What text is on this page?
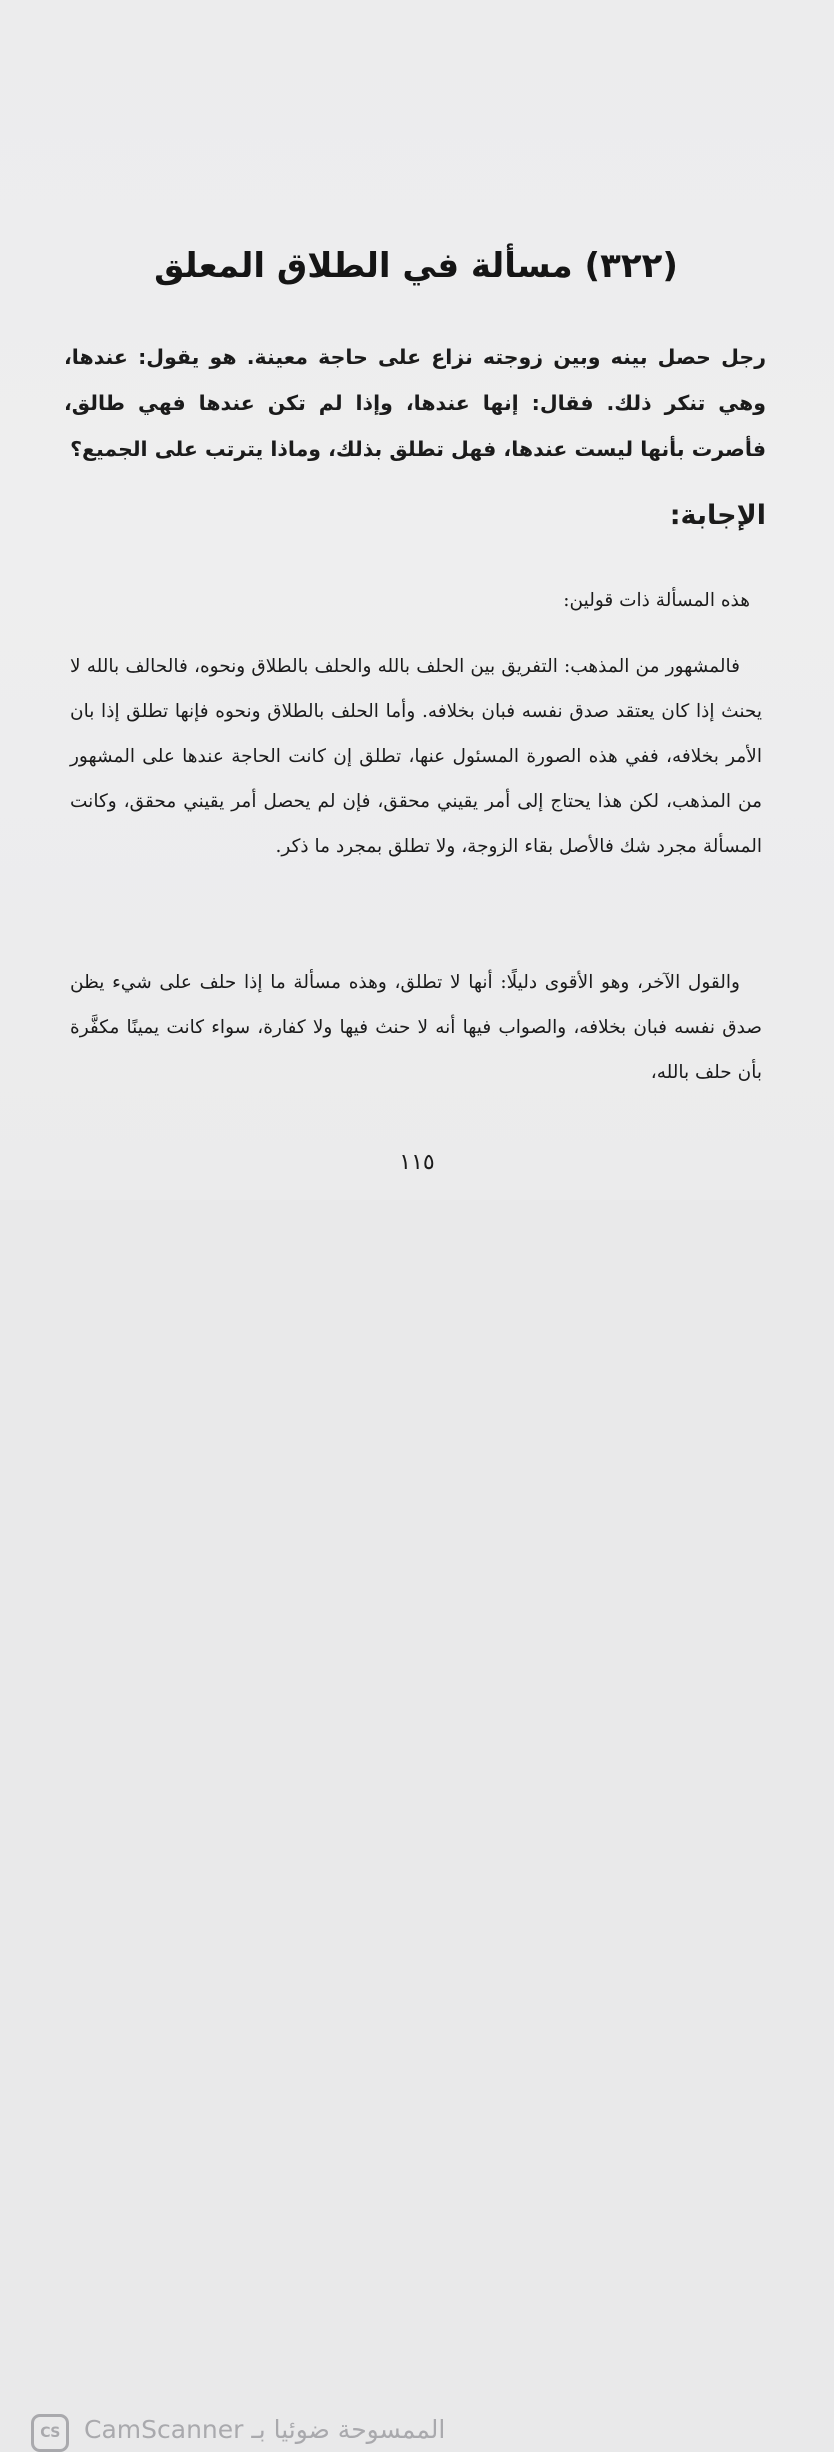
(٣٢٢) مسألة في الطلاق المعلق

رجل حصل بينه وبين زوجته نزاع على حاجة معينة. هو يقول: عندها، وهي تنكر ذلك. فقال: إنها عندها، وإذا لم تكن عندها فهي طالق، فأصرت بأنها ليست عندها، فهل تطلق بذلك، وماذا يترتب على الجميع؟

الإجابة:

هذه المسألة ذات قولين:

فالمشهور من المذهب: التفريق بين الحلف بالله والحلف بالطلاق ونحوه، فالحالف بالله لا يحنث إذا كان يعتقد صدق نفسه فبان بخلافه. وأما الحلف بالطلاق ونحوه فإنها تطلق إذا بان الأمر بخلافه، ففي هذه الصورة المسئول عنها، تطلق إن كانت الحاجة عندها على المشهور من المذهب، لكن هذا يحتاج إلى أمر يقيني محقق، فإن لم يحصل أمر يقيني محقق، وكانت المسألة مجرد شك فالأصل بقاء الزوجة، ولا تطلق بمجرد ما ذكر.

والقول الآخر، وهو الأقوى دليلًا: أنها لا تطلق، وهذه مسألة ما إذا حلف على شيء يظن صدق نفسه فبان بخلافه، والصواب فيها أنه لا حنث فيها ولا كفارة، سواء كانت يمينًا مكفَّرة بأن حلف بالله،

١١٥

CS الممسوحة ضوئيا بـ CamScanner
